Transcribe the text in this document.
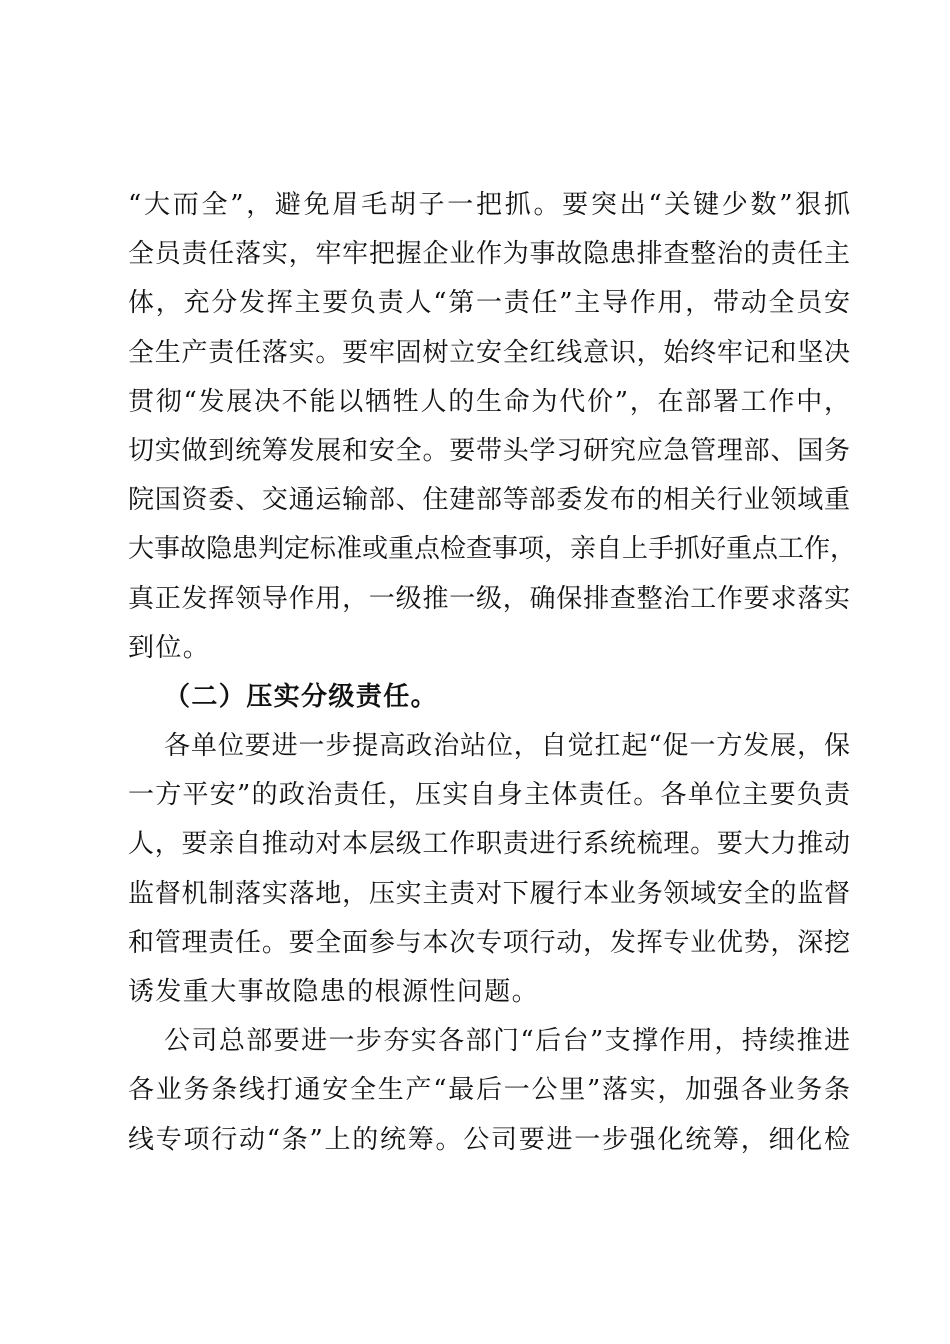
“大而全”，避免眉毛胡子一把抓。要突出“关键少数”狠抓
全员责任落实，牢牢把握企业作为事故隐患排查整治的责任主
体，充分发挥主要负责人“第一责任”主导作用，带动全员安
全生产责任落实。要牢固树立安全红线意识，始终牢记和坚决
贯彻“发展决不能以牺牲人的生命为代价”，在部署工作中，
切实做到统筹发展和安全。要带头学习研究应急管理部、国务
院国资委、交通运输部、住建部等部委发布的相关行业领域重
大事故隐患判定标准或重点检查事项，亲自上手抓好重点工作，
真正发挥领导作用，一级推一级，确保排查整治工作要求落实
到位。
（二）压实分级责任。
各单位要进一步提高政治站位，自觉扛起“促一方发展，保
一方平安”的政治责任，压实自身主体责任。各单位主要负责
人，要亲自推动对本层级工作职责进行系统梳理。要大力推动
监督机制落实落地，压实主责对下履行本业务领域安全的监督
和管理责任。要全面参与本次专项行动，发挥专业优势，深挖
诱发重大事故隐患的根源性问题。
公司总部要进一步夯实各部门“后台”支撑作用，持续推进
各业务条线打通安全生产“最后一公里”落实，加强各业务条
线专项行动“条”上的统筹。公司要进一步强化统筹，细化检
